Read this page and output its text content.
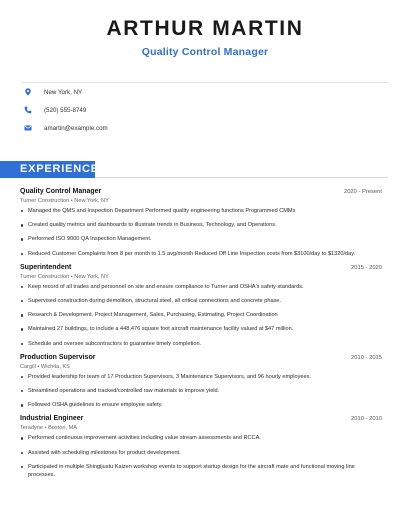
ARTHUR MARTIN
Quality Control Manager
New York, NY
(520) 555-8749
amartin@example.com
EXPERIENCE
Quality Control Manager	2020 - Present
Turner Construction • New York, NY
Managed the QMS and Inspection Department Performed quality engineering functions Programmed CMMs
Created quality metrics and dashboards to illustrate trends in Business, Technology, and Operations.
Performed ISO 9000 QA Inspection Management.
Reduced Customer Complaints from 8 per month to 1.5 avg/month Reduced Off Line Inspection costs from $3100/day to $1320/day.
Superintendent	2015 - 2020
Turner Construction • New York, NY
Keep record of all trades and personnel on site and ensure compliance to Turner and OSHA's safety standards.
Supervised construction during demolition, structural steel, all critical connections and concrete phase.
Research & Development, Project Management, Sales, Purchasing, Estimating, Project Coordination
Maintained 27 buildings, to include a 448,476 square foot aircraft maintenance facility valued at $47 million.
Schedule and oversee subcontractors to guarantee timely completion.
Production Supervisor	2010 - 2015
Cargill • Wichita, KS
Provided leadership for team of 17 Production Supervisors, 3 Maintenance Supervisors, and 96 hourly employees.
Streamlined operations and tracked/controlled raw materials to improve yield.
Followed OSHA guidelines to ensure employee safety.
Industrial Engineer	2010 - 2010
Teradyne • Boston, MA
Performed continuous improvement activities including value stream assessments and RCCA.
Assisted with scheduling milestones for product development.
Participated in multiple Shingijustu Kaizen workshop events to support startup design for the aircraft mate and functional moving line processes.
